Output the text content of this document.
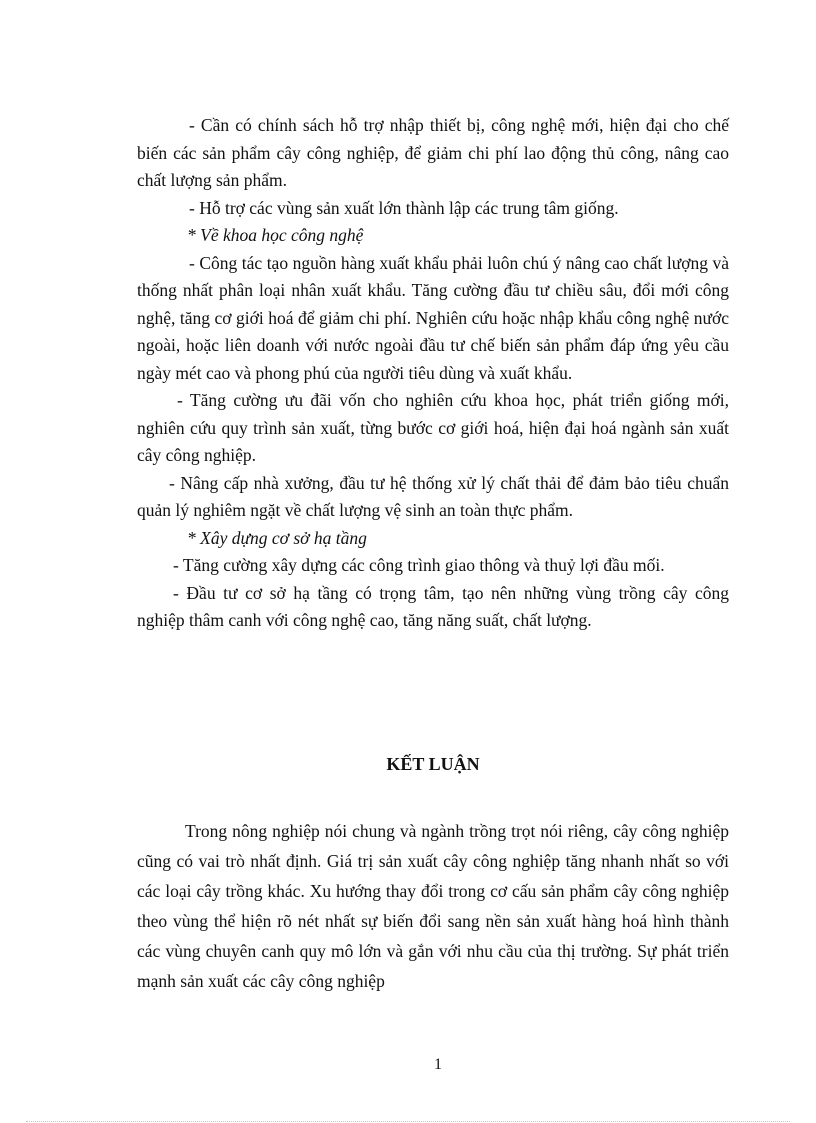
- Cần có chính sách hỗ trợ nhập thiết bị, công nghệ mới, hiện đại cho chế biến các sản phẩm cây công nghiệp, để giảm chi phí lao động thủ công, nâng cao chất lượng sản phẩm.

- Hỗ trợ các vùng sản xuất lớn thành lập các trung tâm giống.

* Về khoa học công nghệ

- Công tác tạo nguồn hàng xuất khẩu phải luôn chú ý nâng cao chất lượng và thống nhất phân loại nhân xuất khẩu. Tăng cường đầu tư chiều sâu, đổi mới công nghệ, tăng cơ giới hoá để giảm chi phí. Nghiên cứu hoặc nhập khẩu công nghệ nước ngoài, hoặc liên doanh với nước ngoài đầu tư chế biến sản phẩm đáp ứng yêu cầu ngày mét cao và phong phú của người tiêu dùng và xuất khẩu.

- Tăng cường ưu đãi vốn cho nghiên cứu khoa học, phát triển giống mới, nghiên cứu quy trình sản xuất, từng bước cơ giới hoá, hiện đại hoá ngành sản xuất cây công nghiệp.

- Nâng cấp nhà xưởng, đầu tư hệ thống xử lý chất thải để đảm bảo tiêu chuẩn quản lý nghiêm ngặt về chất lượng vệ sinh an toàn thực phẩm.

* Xây dựng cơ sở hạ tầng

- Tăng cường xây dựng các công trình giao thông và thuỷ lợi đầu mối.

- Đầu tư cơ sở hạ tầng có trọng tâm, tạo nên những vùng trồng cây công nghiệp thâm canh với công nghệ cao, tăng năng suất, chất lượng.

KẾT LUẬN

Trong nông nghiệp nói chung và ngành trồng trọt nói riêng, cây công nghiệp cũng có vai trò nhất định. Giá trị sản xuất cây công nghiệp tăng nhanh nhất so với các loại cây trồng khác. Xu hướng thay đổi trong cơ cấu sản phẩm cây công nghiệp theo vùng thể hiện rõ nét nhất sự biến đổi sang nền sản xuất hàng hoá hình thành các vùng chuyên canh quy mô lớn và gắn với nhu cầu của thị trường. Sự phát triển mạnh sản xuất các cây công nghiệp

1
